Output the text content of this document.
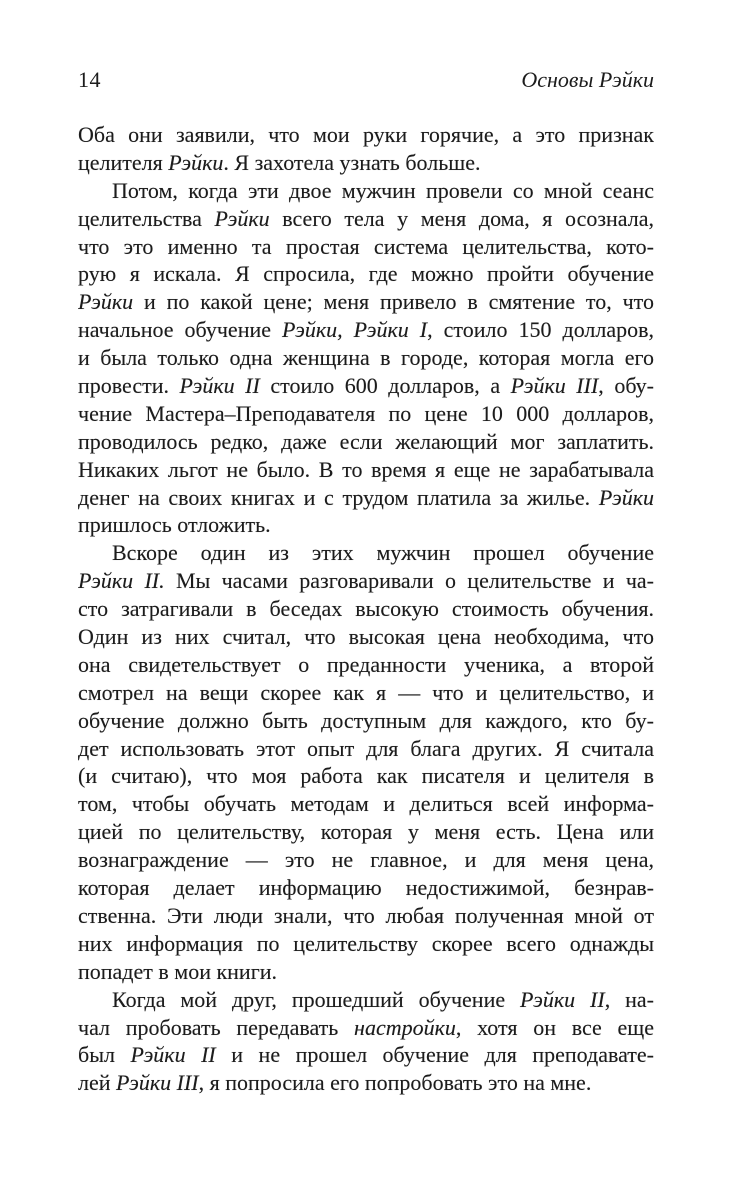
14	Основы Рэйки
Оба они заявили, что мои руки горячие, а это признак
целителя Рэйки. Я захотела узнать больше.
Потом, когда эти двое мужчин провели со мной сеанс
целительства Рэйки всего тела у меня дома, я осознала,
что это именно та простая система целительства, кото-
рую я искала. Я спросила, где можно пройти обучение
Рэйки и по какой цене; меня привело в смятение то, что
начальное обучение Рэйки, Рэйки I, стоило 150 долларов,
и была только одна женщина в городе, которая могла его
провести. Рэйки II стоило 600 долларов, а Рэйки III, обу-
чение Мастера–Преподавателя по цене 10 000 долларов,
проводилось редко, даже если желающий мог заплатить.
Никаких льгот не было. В то время я еще не зарабатывала
денег на своих книгах и с трудом платила за жилье. Рэйки
пришлось отложить.
Вскоре один из этих мужчин прошел обучение
Рэйки II. Мы часами разговаривали о целительстве и ча-
сто затрагивали в беседах высокую стоимость обучения.
Один из них считал, что высокая цена необходима, что
она свидетельствует о преданности ученика, а второй
смотрел на вещи скорее как я — что и целительство, и
обучение должно быть доступным для каждого, кто бу-
дет использовать этот опыт для блага других. Я считала
(и считаю), что моя работа как писателя и целителя в
том, чтобы обучать методам и делиться всей информа-
цией по целительству, которая у меня есть. Цена или
вознаграждение — это не главное, и для меня цена,
которая делает информацию недостижимой, безнрав-
ственна. Эти люди знали, что любая полученная мной от
них информация по целительству скорее всего однажды
попадет в мои книги.
Когда мой друг, прошедший обучение Рэйки II, на-
чал пробовать передавать настройки, хотя он все еще
был Рэйки II и не прошел обучение для преподавате-
лей Рэйки III, я попросила его попробовать это на мне.
